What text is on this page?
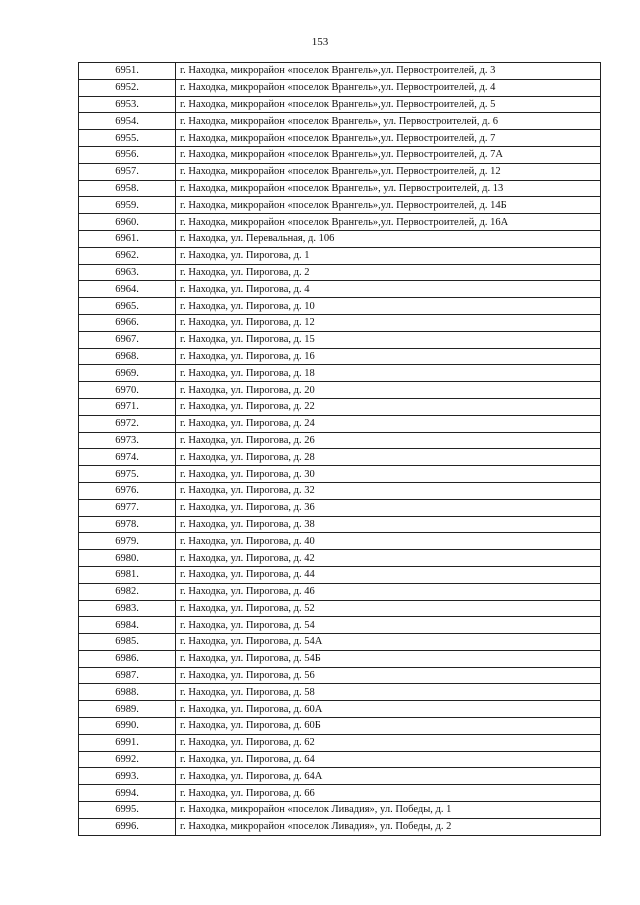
153
6951.	г. Находка, микрорайон «поселок Врангель»,ул. Первостроителей, д. 3
6952.	г. Находка, микрорайон «поселок Врангель»,ул. Первостроителей, д. 4
6953.	г. Находка, микрорайон «поселок Врангель»,ул. Первостроителей, д. 5
6954.	г. Находка, микрорайон «поселок Врангель», ул. Первостроителей, д. 6
6955.	г. Находка, микрорайон «поселок Врангель»,ул. Первостроителей, д. 7
6956.	г. Находка, микрорайон «поселок Врангель»,ул. Первостроителей, д. 7А
6957.	г. Находка, микрорайон «поселок Врангель»,ул. Первостроителей, д. 12
6958.	г. Находка, микрорайон «поселок Врангель», ул. Первостроителей, д. 13
6959.	г. Находка, микрорайон «поселок Врангель»,ул. Первостроителей, д. 14Б
6960.	г. Находка, микрорайон «поселок Врангель»,ул. Первостроителей, д. 16А
6961.	г. Находка, ул. Перевальная, д. 106
6962.	г. Находка, ул. Пирогова, д. 1
6963.	г. Находка, ул. Пирогова, д. 2
6964.	г. Находка, ул. Пирогова, д. 4
6965.	г. Находка, ул. Пирогова, д. 10
6966.	г. Находка, ул. Пирогова, д. 12
6967.	г. Находка, ул. Пирогова, д. 15
6968.	г. Находка, ул. Пирогова, д. 16
6969.	г. Находка, ул. Пирогова, д. 18
6970.	г. Находка, ул. Пирогова, д. 20
6971.	г. Находка, ул. Пирогова, д. 22
6972.	г. Находка, ул. Пирогова, д. 24
6973.	г. Находка, ул. Пирогова, д. 26
6974.	г. Находка, ул. Пирогова, д. 28
6975.	г. Находка, ул. Пирогова, д. 30
6976.	г. Находка, ул. Пирогова, д. 32
6977.	г. Находка, ул. Пирогова, д. 36
6978.	г. Находка, ул. Пирогова, д. 38
6979.	г. Находка, ул. Пирогова, д. 40
6980.	г. Находка, ул. Пирогова, д. 42
6981.	г. Находка, ул. Пирогова, д. 44
6982.	г. Находка, ул. Пирогова, д. 46
6983.	г. Находка, ул. Пирогова, д. 52
6984.	г. Находка, ул. Пирогова, д. 54
6985.	г. Находка, ул. Пирогова, д. 54А
6986.	г. Находка, ул. Пирогова, д. 54Б
6987.	г. Находка, ул. Пирогова, д. 56
6988.	г. Находка, ул. Пирогова, д. 58
6989.	г. Находка, ул. Пирогова, д. 60А
6990.	г. Находка, ул. Пирогова, д. 60Б
6991.	г. Находка, ул. Пирогова, д. 62
6992.	г. Находка, ул. Пирогова, д. 64
6993.	г. Находка, ул. Пирогова, д. 64А
6994.	г. Находка, ул. Пирогова, д. 66
6995.	г. Находка, микрорайон «поселок Ливадия», ул. Победы, д. 1
6996.	г. Находка, микрорайон «поселок Ливадия», ул. Победы, д. 2
